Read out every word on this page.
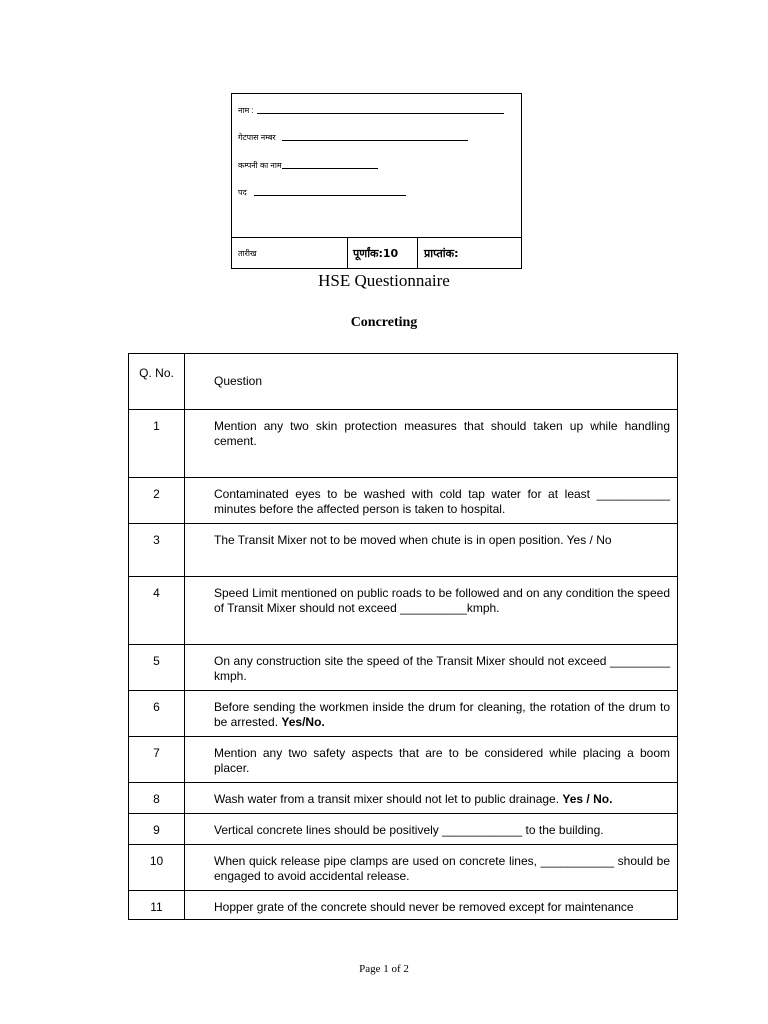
नाम :
गेटपास नम्बर
कम्पनी का नाम
पद
तारीख	पूर्णांक:10	प्राप्तांक:
HSE Questionnaire
Concreting
Q. No.	Question
1	Mention any two skin protection measures that should taken up while handling cement.
2	Contaminated eyes to be washed with cold tap water for at least ___________ minutes before the affected person is taken to hospital.
3	The Transit Mixer not to be moved when chute is in open position. Yes / No
4	Speed Limit mentioned on public roads to be followed and on any condition the speed of Transit Mixer should not exceed __________kmph.
5	On any construction site the speed of the Transit Mixer should not exceed _________ kmph.
6	Before sending the workmen inside the drum for cleaning, the rotation of the drum to be arrested. Yes/No.
7	Mention any two safety aspects that are to be considered while placing a boom placer.
8	Wash water from a transit mixer should not let to public drainage. Yes / No.
9	Vertical concrete lines should be positively ____________ to the building.
10	When quick release pipe clamps are used on concrete lines, ___________ should be engaged to avoid accidental release.
11	Hopper grate of the concrete should never be removed except for maintenance
Page 1 of 2
